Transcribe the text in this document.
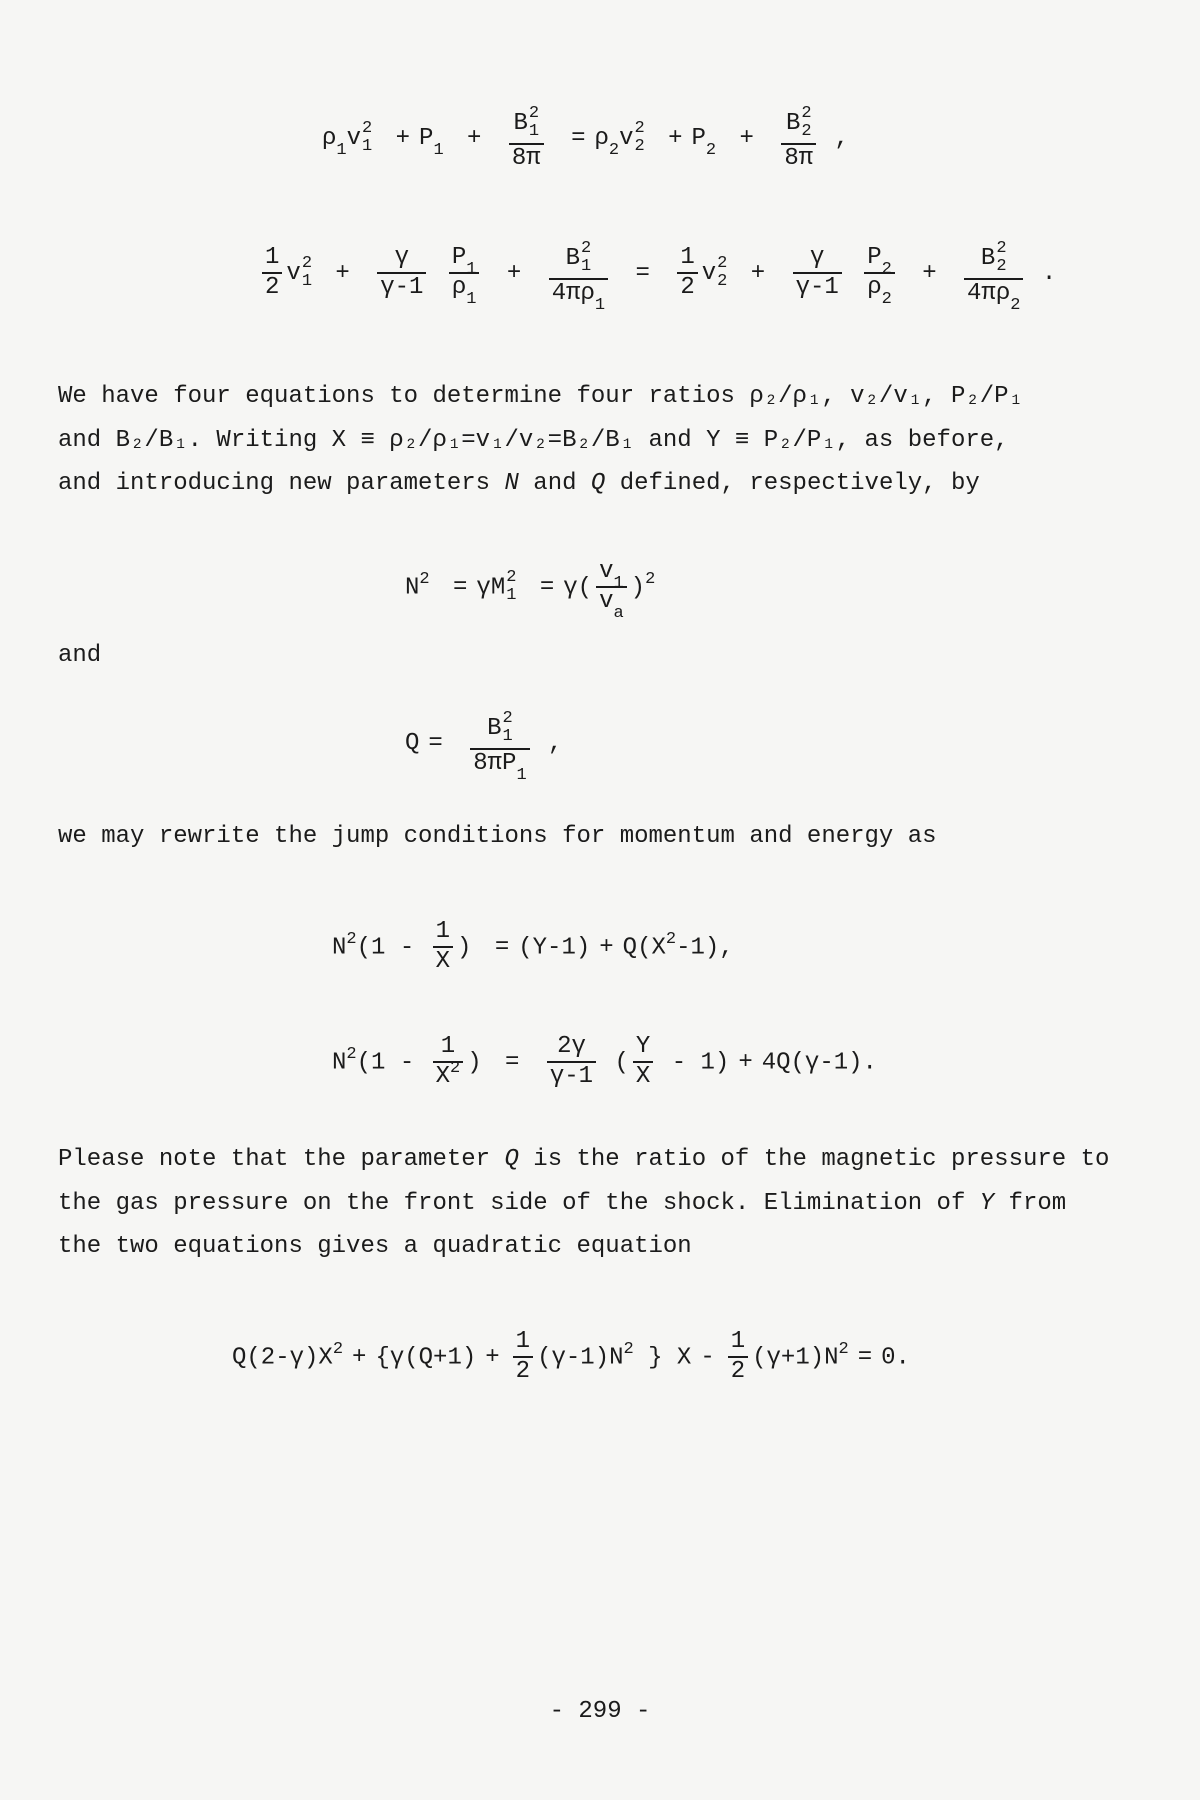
$\rho_1v$ 2
$1 + P_1 + B$ 2
1
$8\pi = \rho_2v$ 2
$2 + P_2 + B$ 2
2
8π ,
$\frac{1}{2}$ v 2
$1 + \frac{\gamma}{\gamma-1}$
$\frac{P_1}{\rho_1} + B$ 2
1
$4\pi\rho_1 = \frac{1}{2}$ v 2
$2 + \frac{\gamma}{\gamma-1}$
$\frac{P_2}{\rho_2} + B$ 2
2
$4\pi\rho_2$ .

We have four equations to determine four ratios ρ₂/ρ₁, v₂/v₁, P₂/P₁

and B₂/B₁. Writing X ≡ ρ₂/ρ₁=v₁/v₂=B₂/B₁ and Y ≡ P₂/P₁, as before,

and introducing new parameters N and Q defined, respectively, by

$N^2 = \gamma M$ 2
$1 = \gamma( \frac{v_1}{v_a} )^2$
and
Q = B 2
1
$8\pi P_1$ ,
we may rewrite the jump conditions for momentum and energy as
$N^2(1 - \frac{1}{X}$ ) = $(Y-1) + Q(X^2-1)$,
$N^2(1 - \frac{1}{X^2}$ ) = $\frac{2\gamma}{\gamma-1}$ ( $\frac{Y}{X} - 1) + 4Q(\gamma-1)$.

Please note that the parameter Q is the ratio of the magnetic pressure to

the gas pressure on the front side of the shock. Elimination of Y from

the two equations gives a quadratic equation

$Q(2-\gamma)X^2 + \{\gamma(Q+1) + \frac{1}{2} (\gamma-1)N^2$ } $X - \frac{1}{2} (\gamma+1)N^2 = 0$.
- 299 -
